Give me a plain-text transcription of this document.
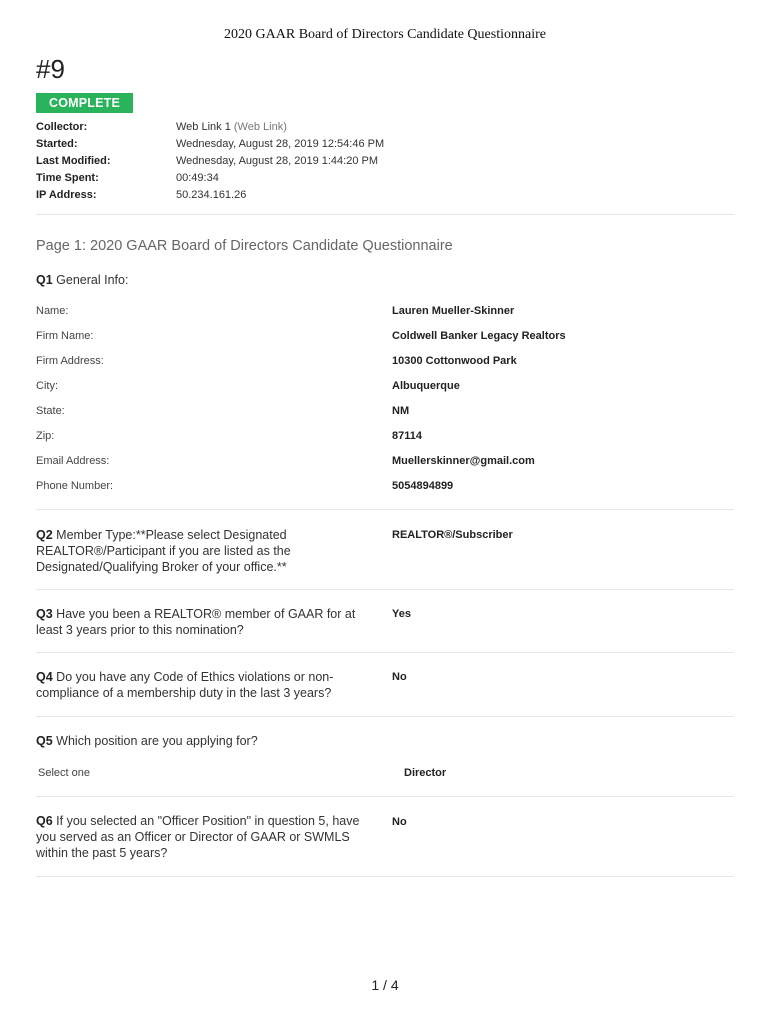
2020 GAAR Board of Directors Candidate Questionnaire
#9
COMPLETE
Collector:	Web Link 1 (Web Link)
Started:	Wednesday, August 28, 2019 12:54:46 PM
Last Modified:	Wednesday, August 28, 2019 1:44:20 PM
Time Spent:	00:49:34
IP Address:	50.234.161.26
Page 1: 2020 GAAR Board of Directors Candidate Questionnaire
Q1 General Info:
Name:	Lauren Mueller-Skinner
Firm Name:	Coldwell Banker Legacy Realtors
Firm Address:	10300 Cottonwood Park
City:	Albuquerque
State:	NM
Zip:	87114
Email Address:	Muellerskinner@gmail.com
Phone Number:	5054894899
Q2 Member Type:**Please select Designated REALTOR®/Participant if you are listed as the Designated/Qualifying Broker of your office.**
REALTOR®/Subscriber
Q3 Have you been a REALTOR® member of GAAR for at least 3 years prior to this nomination?
Yes
Q4 Do you have any Code of Ethics violations or non-compliance of a membership duty in the last 3 years?
No
Q5 Which position are you applying for?
Select one	Director
Q6 If you selected an "Officer Position" in question 5, have you served as an Officer or Director of GAAR or SWMLS within the past 5 years?
No
1 / 4
